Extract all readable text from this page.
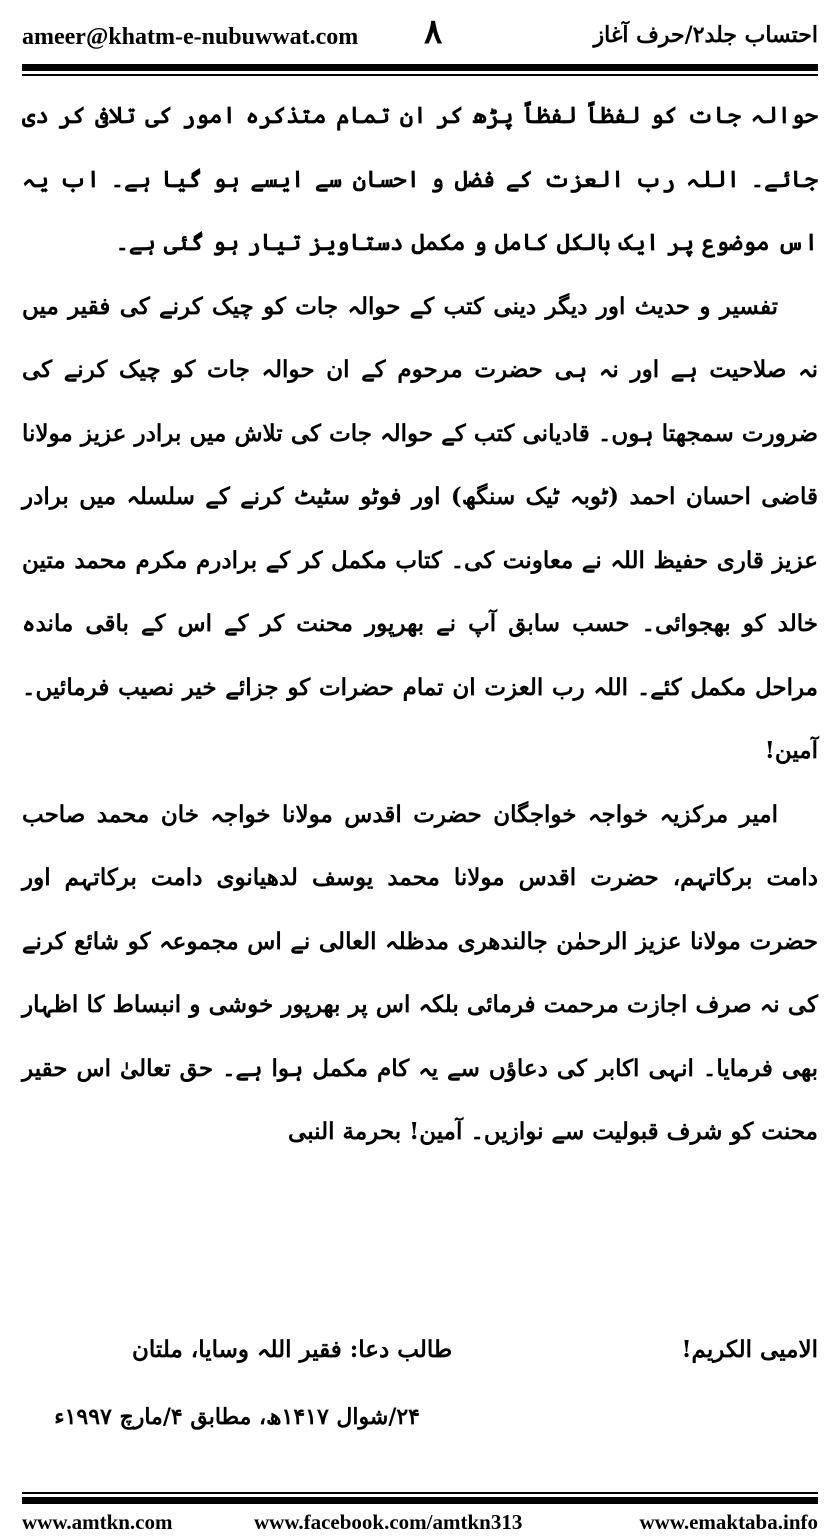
ameer@khatm-e-nubuwwat.com ۸	احتساب جلد۲/حرف آغاز

حوالہ جات کو لفظاً لفظاً پڑھ کر ان تمام متذکرہ امور کی تلافی کر دی جائے۔ اللہ رب العزت کے فضل و احسان سے ایسے ہو گیا ہے۔ اب یہ اس موضوع پر ایک بالکل کامل و مکمل دستاویز تیار ہو گئی ہے۔

تفسیر و حدیث اور دیگر دینی کتب کے حوالہ جات کو چیک کرنے کی فقیر میں نہ صلاحیت ہے اور نہ ہی حضرت مرحوم کے ان حوالہ جات کو چیک کرنے کی ضرورت سمجھتا ہوں۔ قادیانی کتب کے حوالہ جات کی تلاش میں برادر عزیز مولانا قاضی احسان احمد (ٹوبہ ٹیک سنگھ) اور فوٹو سٹیٹ کرنے کے سلسلہ میں برادر عزیز قاری حفیظ اللہ نے معاونت کی۔ کتاب مکمل کر کے برادرم مکرم محمد متین خالد کو بھجوائی۔ حسب سابق آپ نے بھرپور محنت کر کے اس کے باقی ماندہ مراحل مکمل کئے۔ اللہ رب العزت ان تمام حضرات کو جزائے خیر نصیب فرمائیں۔ آمین!

امیر مرکزیہ خواجہ خواجگان حضرت اقدس مولانا خواجہ خان محمد صاحب دامت برکاتہم، حضرت اقدس مولانا محمد یوسف لدھیانوی دامت برکاتہم اور حضرت مولانا عزیز الرحمٰن جالندھری مدظلہ العالی نے اس مجموعہ کو شائع کرنے کی نہ صرف اجازت مرحمت فرمائی بلکہ اس پر بھرپور خوشی و انبساط کا اظہار بھی فرمایا۔ انہی اکابر کی دعاؤں سے یہ کام مکمل ہوا ہے۔ حق تعالیٰ اس حقیر محنت کو شرف قبولیت سے نوازیں۔ آمین! بحرمة النبی

الامیی الکریم!
طالب دعا: فقیر اللہ وسایا، ملتان
۲۴/شوال ۱۴۱۷ھ، مطابق ۴/مارچ ۱۹۹۷ء
www.amtkn.com	www.facebook.com/amtkn313	www.emaktaba.info
